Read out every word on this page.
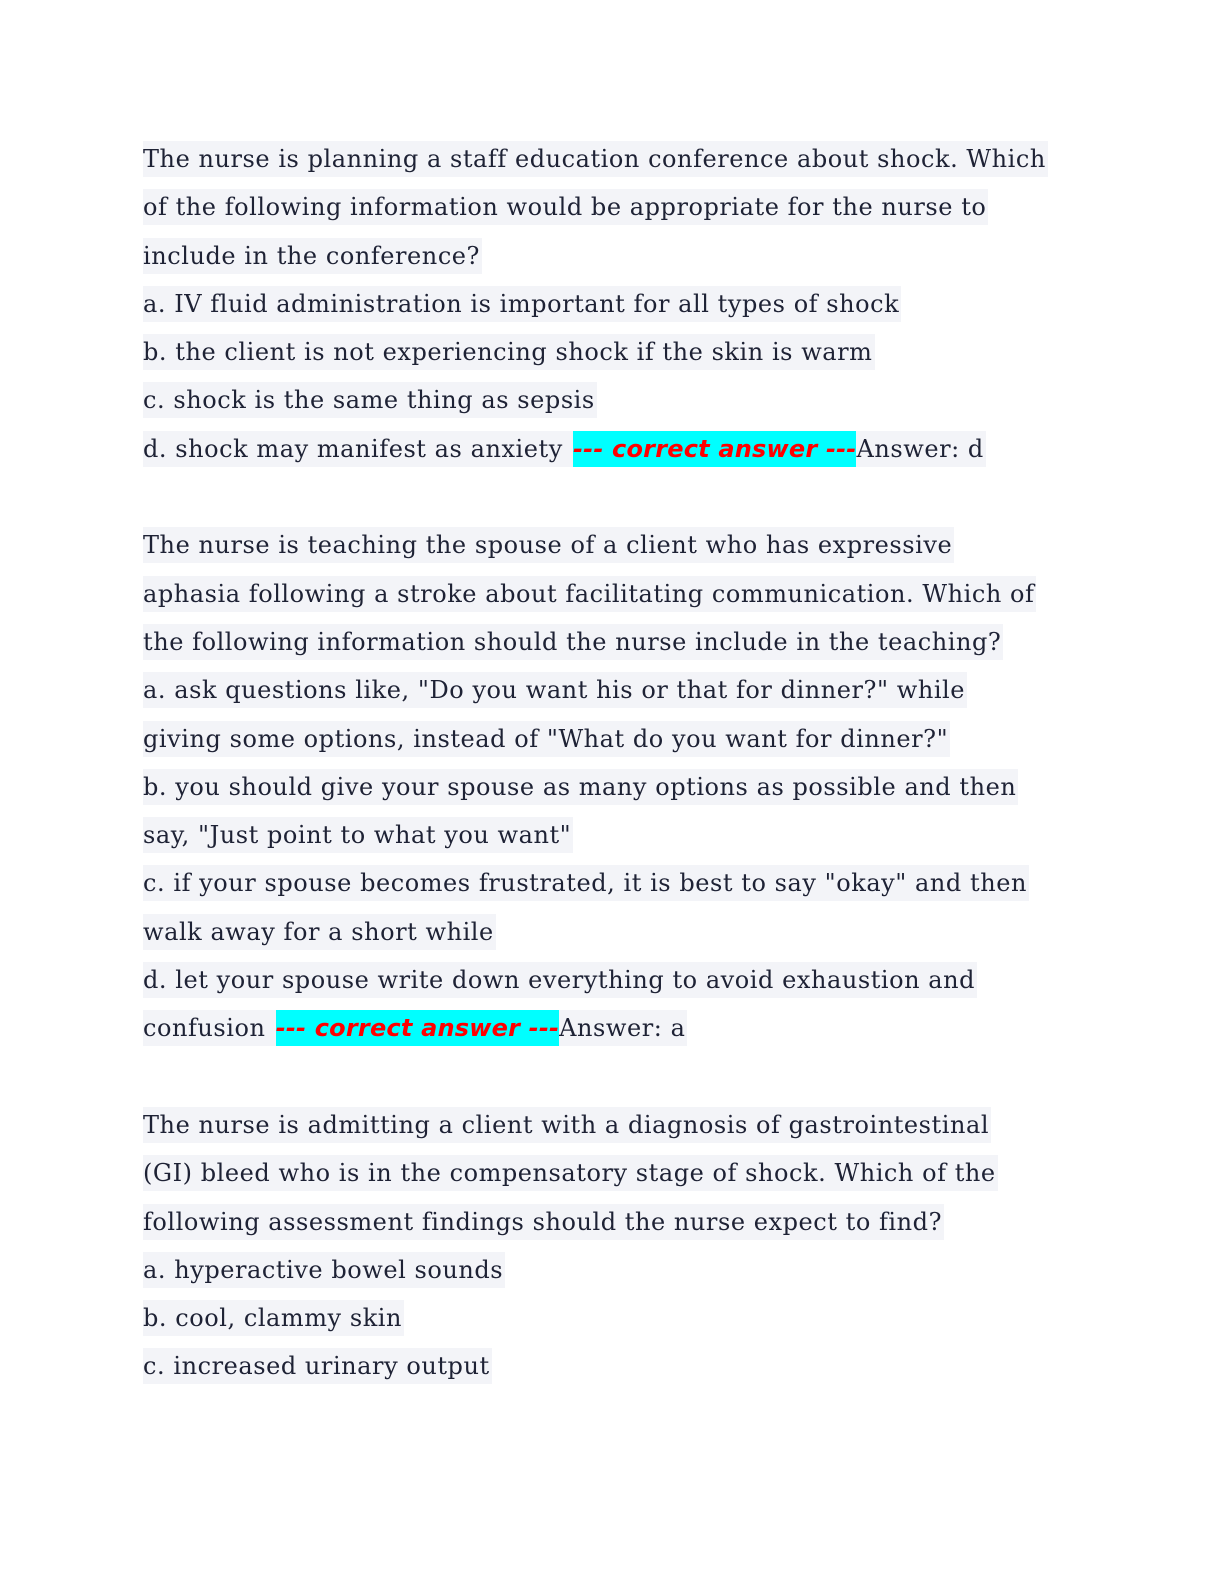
The nurse is planning a staff education conference about shock. Which
of the following information would be appropriate for the nurse to
include in the conference?
a. IV fluid administration is important for all types of shock
b. the client is not experiencing shock if the skin is warm
c. shock is the same thing as sepsis
d. shock may manifest as anxiety --- correct answer ---Answer: d
The nurse is teaching the spouse of a client who has expressive
aphasia following a stroke about facilitating communication. Which of
the following information should the nurse include in the teaching?
a. ask questions like, "Do you want his or that for dinner?" while
giving some options, instead of "What do you want for dinner?"
b. you should give your spouse as many options as possible and then
say, "Just point to what you want"
c. if your spouse becomes frustrated, it is best to say "okay" and then
walk away for a short while
d. let your spouse write down everything to avoid exhaustion and
confusion --- correct answer ---Answer: a
The nurse is admitting a client with a diagnosis of gastrointestinal
(GI) bleed who is in the compensatory stage of shock. Which of the
following assessment findings should the nurse expect to find?
a. hyperactive bowel sounds
b. cool, clammy skin
c. increased urinary output
